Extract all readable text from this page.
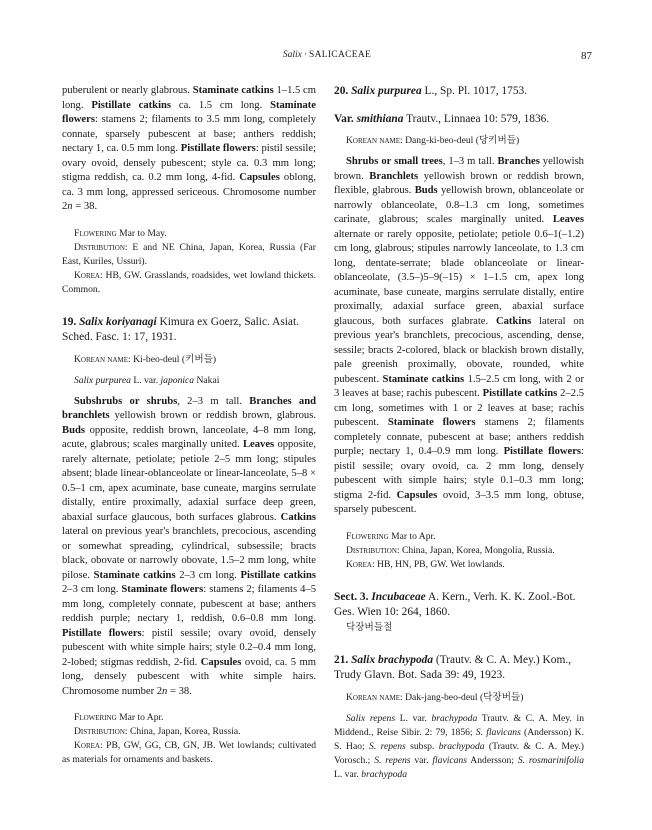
Salix · SALICACEAE	87

puberulent or nearly glabrous. Staminate catkins 1–1.5 cm long. Pistillate catkins ca. 1.5 cm long. Staminate flowers: stamens 2; filaments to 3.5 mm long, completely connate, sparsely pubescent at base; anthers reddish; nectary 1, ca. 0.5 mm long. Pistillate flowers: pistil sessile; ovary ovoid, densely pubescent; style ca. 0.3 mm long; stigma reddish, ca. 0.2 mm long, 4-fid. Capsules oblong, ca. 3 mm long, appressed sericeous. Chromosome number 2n = 38.

Flowering Mar to May.

Distribution: E and NE China, Japan, Korea, Russia (Far East, Kuriles, Ussuri).

Korea: HB, GW. Grasslands, roadsides, wet lowland thickets. Common.

19. Salix koriyanagi Kimura ex Goerz, Salic. Asiat. Sched. Fasc. 1: 17, 1931.

Korean name: Ki-beo-deul (키버들)

Salix purpurea L. var. japonica Nakai

Subshrubs or shrubs, 2–3 m tall. Branches and branchlets yellowish brown or reddish brown, glabrous. Buds opposite, reddish brown, lanceolate, 4–8 mm long, acute, glabrous; scales marginally united. Leaves opposite, rarely alternate, petiolate; petiole 2–5 mm long; stipules absent; blade linear-oblanceolate or linear-lanceolate, 5–8 × 0.5–1 cm, apex acuminate, base cuneate, margins serrulate distally, entire proximally, adaxial surface deep green, abaxial surface glaucous, both surfaces glabrous. Catkins lateral on previous year's branchlets, precocious, ascending or somewhat spreading, cylindrical, subsessile; bracts black, obovate or narrowly obovate, 1.5–2 mm long, white pilose. Staminate catkins 2–3 cm long. Pistillate catkins 2–3 cm long. Staminate flowers: stamens 2; filaments 4–5 mm long, completely connate, pubescent at base; anthers reddish purple; nectary 1, reddish, 0.6–0.8 mm long. Pistillate flowers: pistil sessile; ovary ovoid, densely pubescent with white simple hairs; style 0.2–0.4 mm long, 2-lobed; stigmas reddish, 2-fid. Capsules ovoid, ca. 5 mm long, densely pubescent with white simple hairs. Chromosome number 2n = 38.

Flowering Mar to Apr.

Distribution: China, Japan, Korea, Russia.

Korea: PB, GW, GG, CB, GN, JB. Wet lowlands; cultivated as materials for ornaments and baskets.

20. Salix purpurea L., Sp. Pl. 1017, 1753.

Var. smithiana Trautv., Linnaea 10: 579, 1836.

Korean name: Dang-ki-beo-deul (당키버들)

Shrubs or small trees, 1–3 m tall. Branches yellowish brown. Branchlets yellowish brown or reddish brown, flexible, glabrous. Buds yellowish brown, oblanceolate or narrowly oblanceolate, 0.8–1.3 cm long, sometimes carinate, glabrous; scales marginally united. Leaves alternate or rarely opposite, petiolate; petiole 0.6–1(–1.2) cm long, glabrous; stipules narrowly lanceolate, to 1.3 cm long, dentate-serrate; blade oblanceolate or linear-oblanceolate, (3.5–)5–9(–15) × 1–1.5 cm, apex long acuminate, base cuneate, margins serrulate distally, entire proximally, adaxial surface green, abaxial surface glaucous, both surfaces glabrate. Catkins lateral on previous year's branchlets, precocious, ascending, dense, sessile; bracts 2-colored, black or blackish brown distally, pale greenish proximally, obovate, rounded, white pubescent. Staminate catkins 1.5–2.5 cm long, with 2 or 3 leaves at base; rachis pubescent. Pistillate catkins 2–2.5 cm long, sometimes with 1 or 2 leaves at base; rachis pubescent. Staminate flowers stamens 2; filaments completely connate, pubescent at base; anthers reddish purple; nectary 1, 0.4–0.9 mm long. Pistillate flowers: pistil sessile; ovary ovoid, ca. 2 mm long, densely pubescent with simple hairs; style 0.1–0.3 mm long; stigma 2-fid. Capsules ovoid, 3–3.5 mm long, obtuse, sparsely pubescent.

Flowering Mar to Apr.

Distribution: China, Japan, Korea, Mongolia, Russia.

Korea: HB, HN, PB, GW. Wet lowlands.

Sect. 3. Incubaceae A. Kern., Verh. K. K. Zool.-Bot. Ges. Wien 10: 264, 1860.

닥장버들절

21. Salix brachypoda (Trautv. & C. A. Mey.) Kom., Trudy Glavn. Bot. Sada 39: 49, 1923.

Korean name: Dak-jang-beo-deul (닥장버들)

Salix repens L. var. brachypoda Trautv. & C. A. Mey. in Middend., Reise Sibir. 2: 79, 1856; S. flavicans (Andersson) K. S. Hao; S. repens subsp. brachypoda (Trautv. & C. A. Mey.) Vorosch.; S. repens var. flavicans Andersson; S. rosmarinifolia L. var. brachypoda
